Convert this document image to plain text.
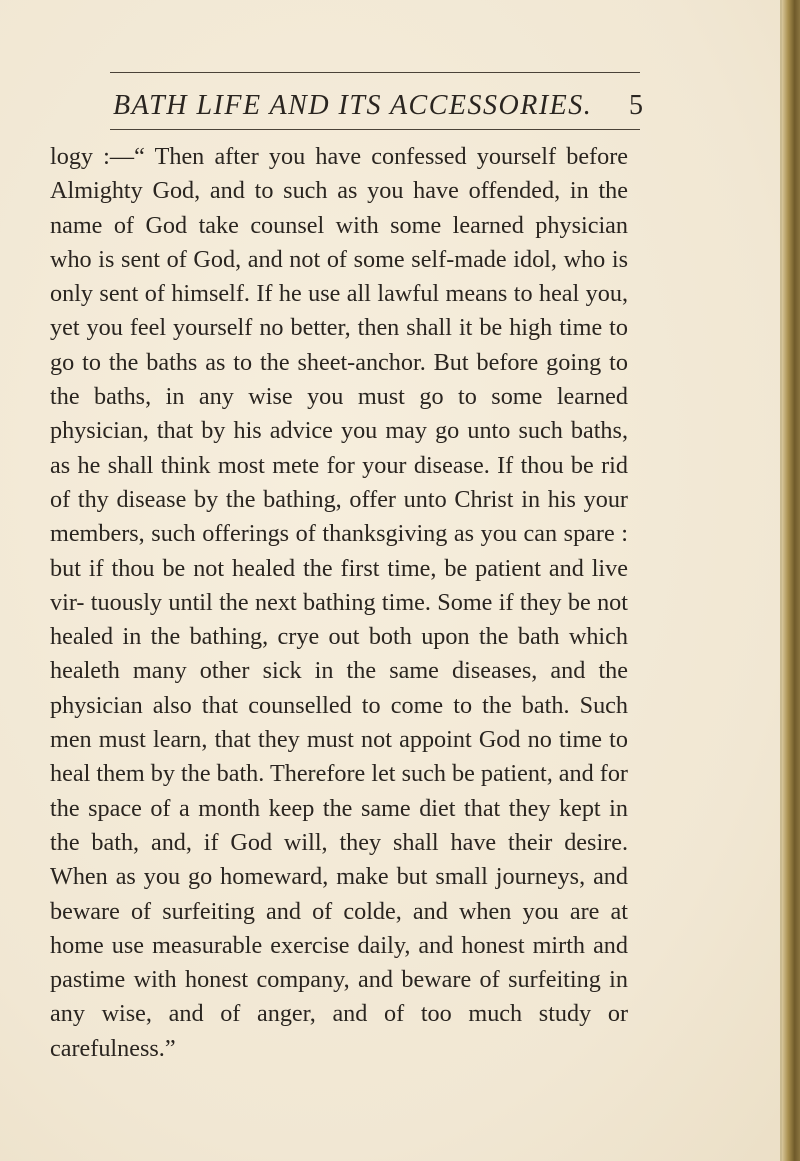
BATH LIFE AND ITS ACCESSORIES. 5
logy :—“ Then after you have confessed yourself before Almighty God, and to such as you have offended, in the name of God take counsel with some learned physician who is sent of God, and not of some self-made idol, who is only sent of himself. If he use all lawful means to heal you, yet you feel yourself no better, then shall it be high time to go to the baths as to the sheet-anchor. But before going to the baths, in any wise you must go to some learned physician, that by his advice you may go unto such baths, as he shall think most mete for your disease. If thou be rid of thy disease by the bathing, offer unto Christ in his your members, such offerings of thanksgiving as you can spare : but if thou be not healed the first time, be patient and live vir- tuously until the next bathing time. Some if they be not healed in the bathing, crye out both upon the bath which healeth many other sick in the same diseases, and the physician also that counselled to come to the bath. Such men must learn, that they must not appoint God no time to heal them by the bath. Therefore let such be patient, and for the space of a month keep the same diet that they kept in the bath, and, if God will, they shall have their desire. When as you go homeward, make but small journeys, and beware of surfeiting and of colde, and when you are at home use measurable exercise daily, and honest mirth and pastime with honest company, and beware of surfeiting in any wise, and of anger, and of too much study or carefulness.”
